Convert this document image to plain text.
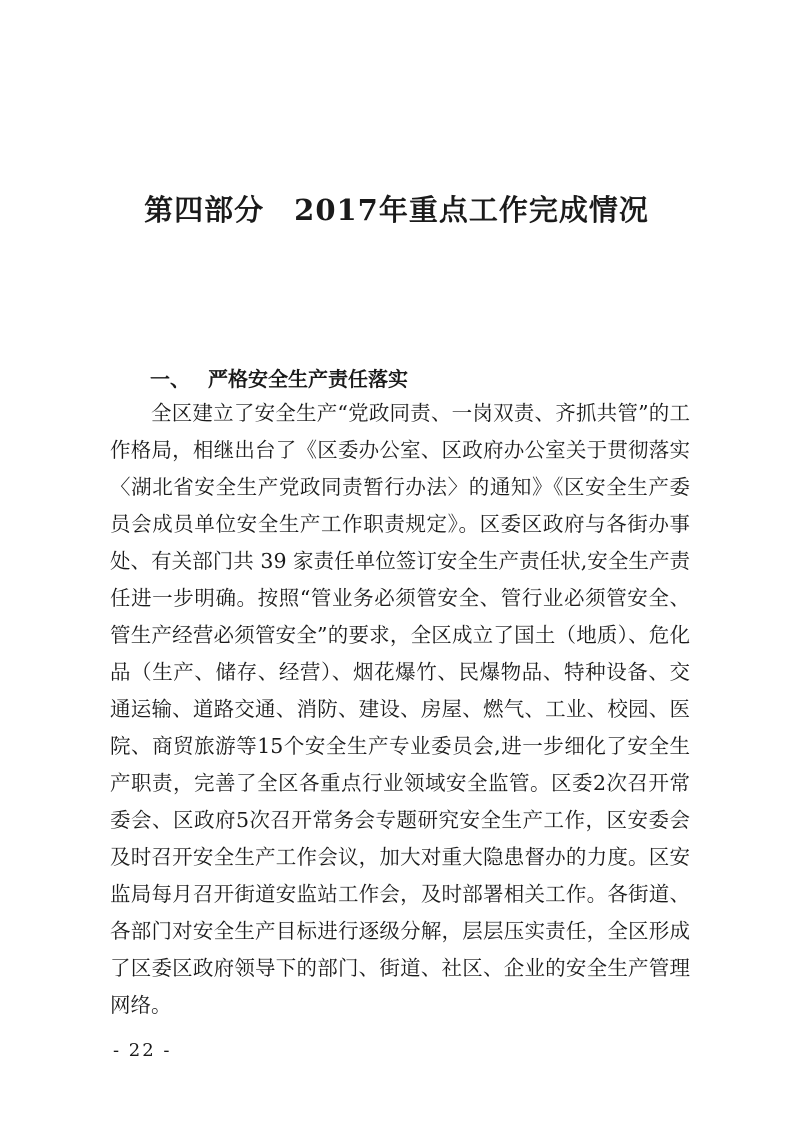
第四部分　2017年重点工作完成情况
一、 严格安全生产责任落实

全区建立了安全生产“党政同责、一岗双责、齐抓共管”的工作格局，相继出台了《区委办公室、区政府办公室关于贯彻落实〈湖北省安全生产党政同责暂行办法〉的通知》《区安全生产委员会成员单位安全生产工作职责规定》。区委区政府与各街办事处、有关部门共 39 家责任单位签订安全生产责任状,安全生产责任进一步明确。按照“管业务必须管安全、管行业必须管安全、管生产经营必须管安全”的要求，全区成立了国土（地质）、危化品（生产、储存、经营）、烟花爆竹、民爆物品、特种设备、交通运输、道路交通、消防、建设、房屋、燃气、工业、校园、医院、商贸旅游等15个安全生产专业委员会,进一步细化了安全生产职责，完善了全区各重点行业领域安全监管。区委2次召开常委会、区政府5次召开常务会专题研究安全生产工作，区安委会及时召开安全生产工作会议，加大对重大隐患督办的力度。区安监局每月召开街道安监站工作会，及时部署相关工作。各街道、各部门对安全生产目标进行逐级分解，层层压实责任，全区形成了区委区政府领导下的部门、街道、社区、企业的安全生产管理网络。

- 22 -
